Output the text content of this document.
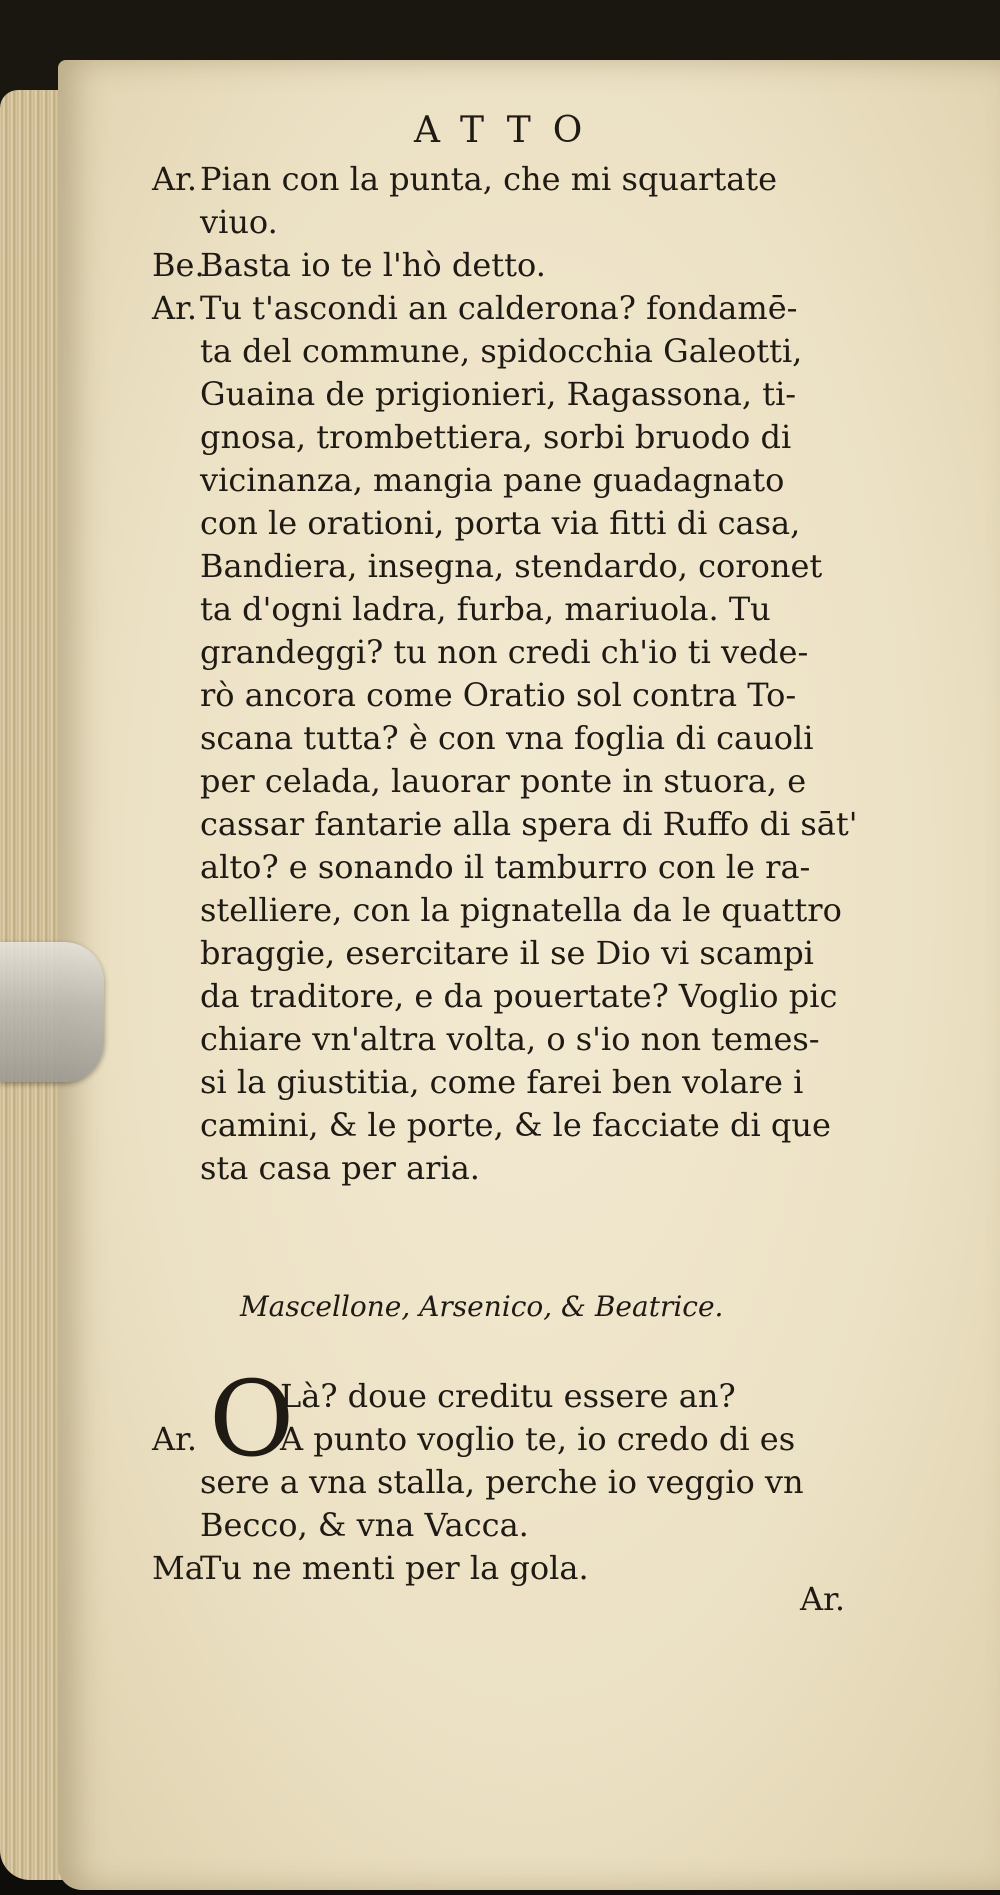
ATTO

Ar.Pian con la punta, che mi squartate
viuo.
Be.Basta io te l'hò detto.
Ar.Tu t'ascondi an calderona? fondamē-
ta del commune, spidocchia Galeotti,
Guaina de prigionieri, Ragassona, ti-
gnosa, trombettiera, sorbi bruodo di
vicinanza, mangia pane guadagnato
con le orationi, porta via fitti di casa,
Bandiera, insegna, stendardo, coronet
ta d'ogni ladra, furba, mariuola. Tu
grandeggi? tu non credi ch'io ti vede-
rò ancora come Oratio sol contra To-
scana tutta? è con vna foglia di cauoli
per celada, lauorar ponte in stuora, e
cassar fantarie alla spera di Ruffo di sāt'
alto? e sonando il tamburro con le ra-
stelliere, con la pignatella da le quattro
braggie, esercitare il se Dio vi scampi
da traditore, e da pouertate? Voglio pic
chiare vn'altra volta, o s'io non temes-
si la giustitia, come farei ben volare i
camini, & le porte, & le facciate di que
sta casa per aria.

Mascellone, Arsenico, & Beatrice.

O
Là? doue creditu essere an?
Ar.	A punto voglio te, io credo di es
sere a vna stalla, perche io veggio vn
Becco, & vna Vacca.
MaTu ne menti per la gola.

Ar.
